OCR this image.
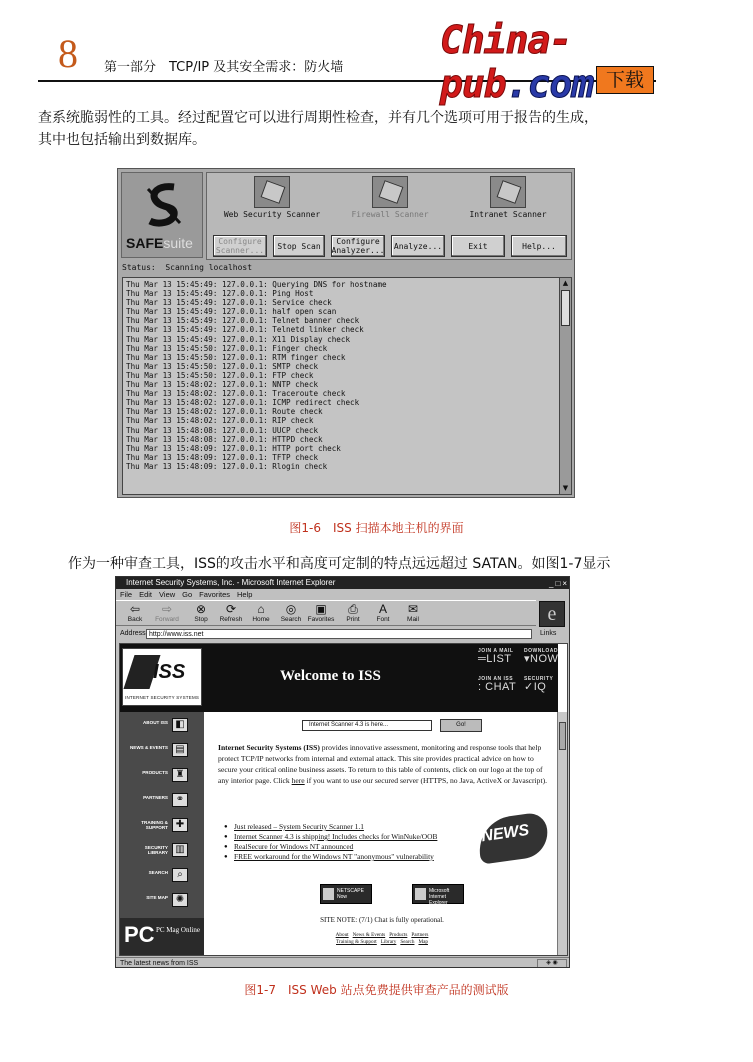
8 第一部分　TCP/IP 及其安全需求：防火墙
China-pub.com 下载
查系统脆弱性的工具。经过配置它可以进行周期性检查，并有几个选项可用于报告的生成，
其中也包括输出到数据库。
SAFEsuite
Web Security Scanner	Firewall Scanner	Intranet Scanner
Configure Scanner...	Stop Scan	Configure Analyzer...	Analyze...	Exit	Help...
Status: Scanning localhost
Thu Mar 13 15:45:49: 127.0.0.1: Querying DNS for hostname
Thu Mar 13 15:45:49: 127.0.0.1: Ping Host
Thu Mar 13 15:45:49: 127.0.0.1: Service check
Thu Mar 13 15:45:49: 127.0.0.1: half open scan
Thu Mar 13 15:45:49: 127.0.0.1: Telnet banner check
Thu Mar 13 15:45:49: 127.0.0.1: Telnetd linker check
Thu Mar 13 15:45:49: 127.0.0.1: X11 Display check
Thu Mar 13 15:45:50: 127.0.0.1: Finger check
Thu Mar 13 15:45:50: 127.0.0.1: RTM finger check
Thu Mar 13 15:45:50: 127.0.0.1: SMTP check
Thu Mar 13 15:45:50: 127.0.0.1: FTP check
Thu Mar 13 15:48:02: 127.0.0.1: NNTP check
Thu Mar 13 15:48:02: 127.0.0.1: Traceroute check
Thu Mar 13 15:48:02: 127.0.0.1: ICMP redirect check
Thu Mar 13 15:48:02: 127.0.0.1: Route check
Thu Mar 13 15:48:02: 127.0.0.1: RIP check
Thu Mar 13 15:48:08: 127.0.0.1: UUCP check
Thu Mar 13 15:48:08: 127.0.0.1: HTTPD check
Thu Mar 13 15:48:09: 127.0.0.1: HTTP port check
Thu Mar 13 15:48:09: 127.0.0.1: TFTP check
Thu Mar 13 15:48:09: 127.0.0.1: Rlogin check
▲
▼
图1-6　ISS 扫描本地主机的界面
作为一种审查工具，ISS的攻击水平和高度可定制的特点远远超过 SATAN。如图1-7显示
Internet Security Systems, Inc. - Microsoft Internet Explorer	_□×
File Edit View Go Favorites Help
⇦
Back
⇨
Forward
⊗
Stop
⟳
Refresh
⌂
Home
◎
Search
▣
Favorites
⎙
Print
A
Font
✉
Mail	e
Address http://www.iss.net	Links
ISS
INTERNET SECURITY SYSTEMS
Welcome to ISS
JOIN A MAIL
═LIST
DOWNLOAD
▾NOW
JOIN AN ISS
: CHAT
SECURITY
✓IQ
SITE MAP ✺
SEARCH ⌕
SECURITY LIBRARY ▥
TRAINING & SUPPORT ✚
PARTNERS ⚭
PRODUCTS ♜
NEWS & EVENTS ▤
ABOUT ISS ◧
PC PC Mag Online
Internet Scanner 4.3 is here...	Go!
Internet Security Systems (ISS) provides innovative assessment, monitoring and response tools that help protect TCP/IP networks from internal and external attack. This site provides practical advice on how to secure your critical online business assets. To return to this table of contents, click on our logo at the top of any interior page. Click here if you want to use our secured server (HTTPS, no Java, ActiveX or Javascript).
● Just released – System Security Scanner 1.1
● Internet Scanner 4.3 is shipping! Includes checks for WinNuke/OOB
● RealSecure for Windows NT announced
● FREE workaround for the Windows NT "anonymous" vulnerability
NEWS
NETSCAPE Now
Microsoft Internet Explorer
SITE NOTE: (7/1) Chat is fully operational.
About News & Events Products Partners
Training & Support Library Search Map
The latest news from ISS	◈ ◉
图1-7　ISS Web 站点免费提供审查产品的测试版
